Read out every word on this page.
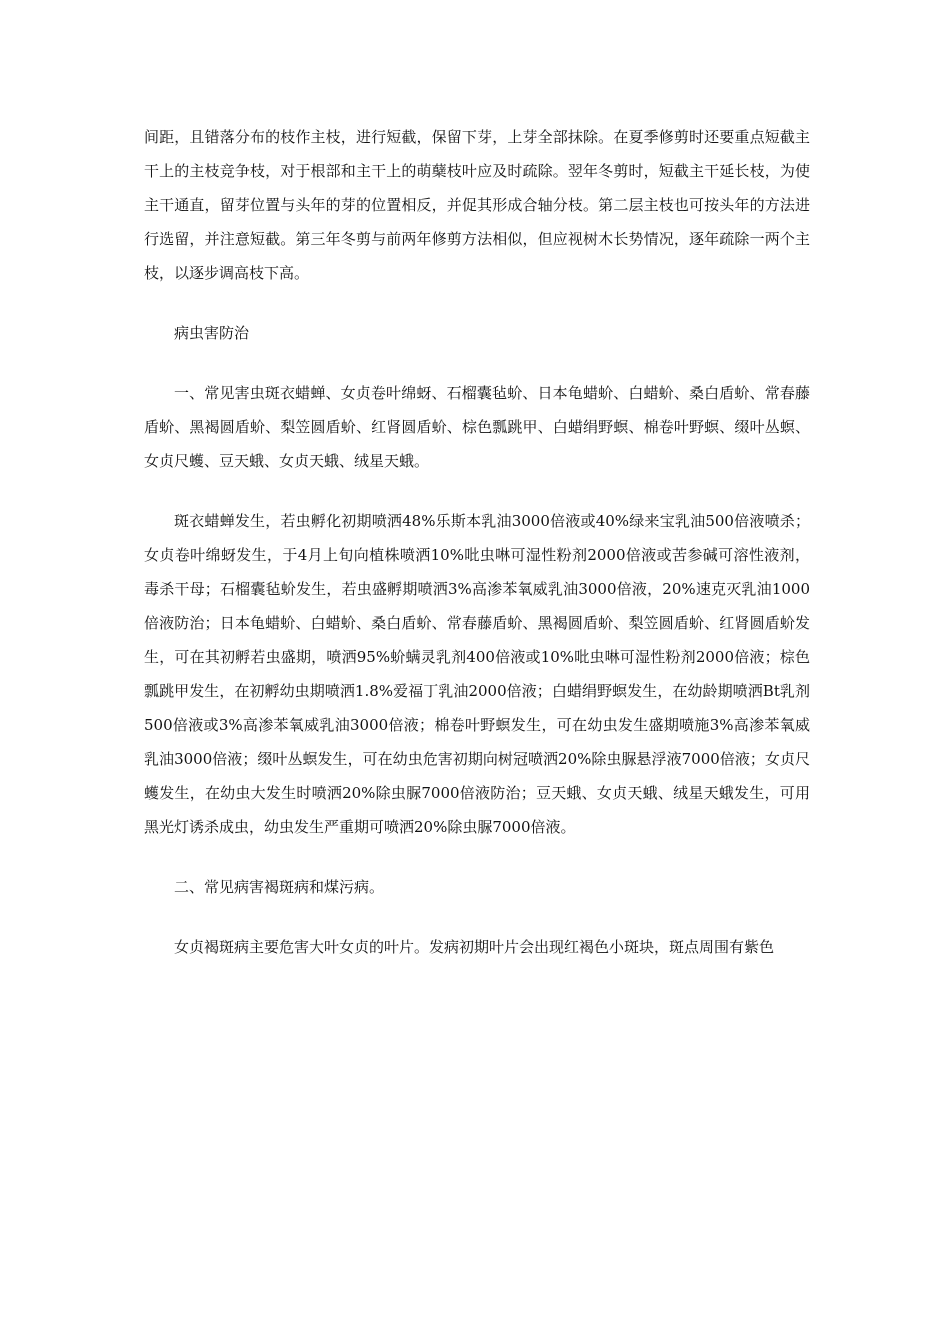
间距，且错落分布的枝作主枝，进行短截，保留下芽，上芽全部抹除。在夏季修剪时还要重点短截主干上的主枝竞争枝，对于根部和主干上的萌蘖枝叶应及时疏除。翌年冬剪时，短截主干延长枝，为使主干通直，留芽位置与头年的芽的位置相反，并促其形成合轴分枝。第二层主枝也可按头年的方法进行选留，并注意短截。第三年冬剪与前两年修剪方法相似，但应视树木长势情况，逐年疏除一两个主枝，以逐步调高枝下高。

病虫害防治

一、常见害虫斑衣蜡蝉、女贞卷叶绵蚜、石榴囊毡蚧、日本龟蜡蚧、白蜡蚧、桑白盾蚧、常春藤盾蚧、黑褐圆盾蚧、梨笠圆盾蚧、红肾圆盾蚧、棕色瓢跳甲、白蜡绢野螟、棉卷叶野螟、缀叶丛螟、女贞尺蠖、豆天蛾、女贞天蛾、绒星天蛾。

斑衣蜡蝉发生，若虫孵化初期喷洒48%乐斯本乳油3000倍液或40%绿来宝乳油500倍液喷杀；女贞卷叶绵蚜发生，于4月上旬向植株喷洒10%吡虫啉可湿性粉剂2000倍液或苦参碱可溶性液剂，毒杀干母；石榴囊毡蚧发生，若虫盛孵期喷洒3%高渗苯氧威乳油3000倍液，20%速克灭乳油1000倍液防治；日本龟蜡蚧、白蜡蚧、桑白盾蚧、常春藤盾蚧、黑褐圆盾蚧、梨笠圆盾蚧、红肾圆盾蚧发生，可在其初孵若虫盛期，喷洒95%蚧螨灵乳剂400倍液或10%吡虫啉可湿性粉剂2000倍液；棕色瓢跳甲发生，在初孵幼虫期喷洒1.8%爱福丁乳油2000倍液；白蜡绢野螟发生，在幼龄期喷洒Bt乳剂500倍液或3%高渗苯氧威乳油3000倍液；棉卷叶野螟发生，可在幼虫发生盛期喷施3%高渗苯氧威乳油3000倍液；缀叶丛螟发生，可在幼虫危害初期向树冠喷洒20%除虫脲悬浮液7000倍液；女贞尺蠖发生，在幼虫大发生时喷洒20%除虫脲7000倍液防治；豆天蛾、女贞天蛾、绒星天蛾发生，可用黑光灯诱杀成虫，幼虫发生严重期可喷洒20%除虫脲7000倍液。

二、常见病害褐斑病和煤污病。

女贞褐斑病主要危害大叶女贞的叶片。发病初期叶片会出现红褐色小斑块，斑点周围有紫色
